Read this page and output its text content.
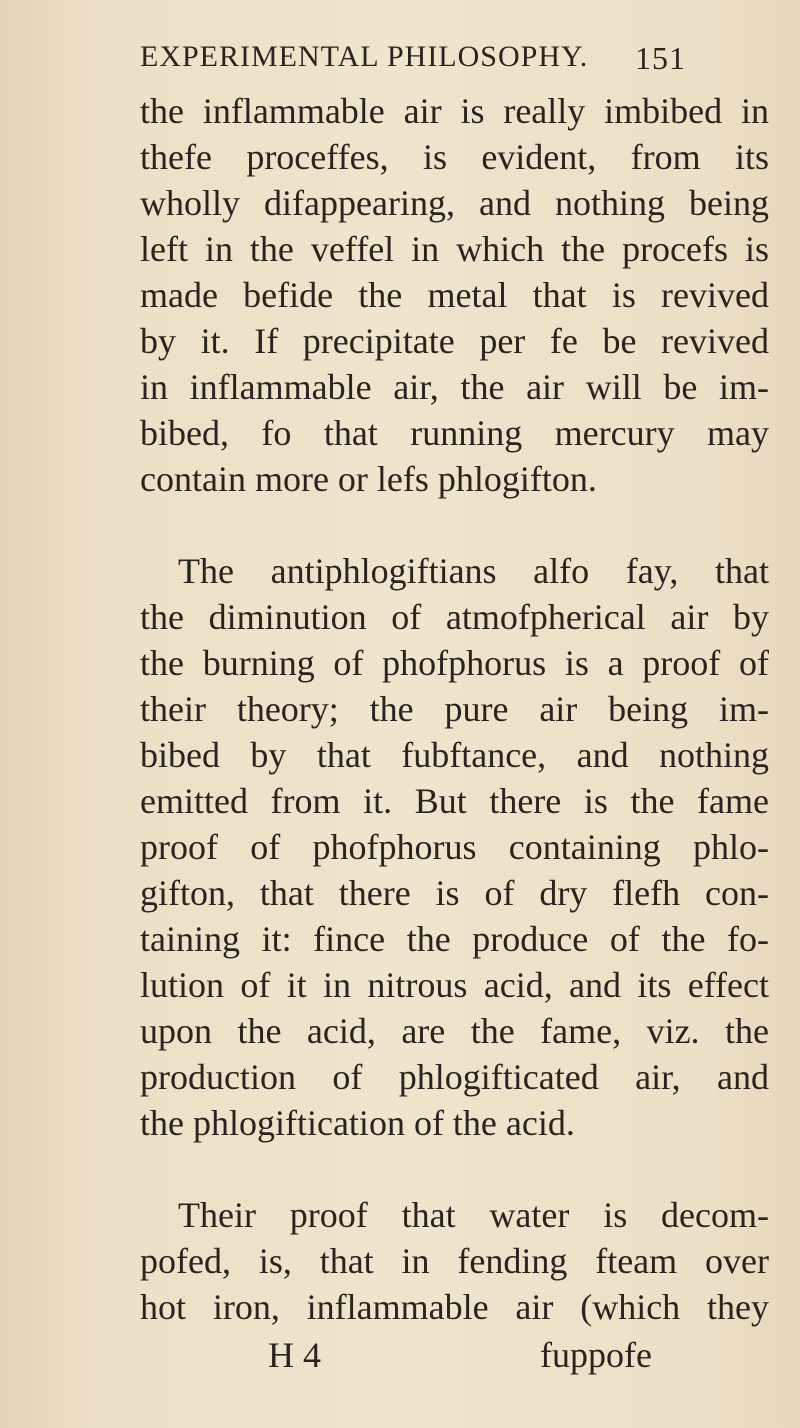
EXPERIMENTAL PHILOSOPHY. 151
the inflammable air is really imbibed in
thefe proceffes, is evident, from its
wholly difappearing, and nothing being
left in the veffel in which the procefs is
made befide the metal that is revived
by it. If precipitate per fe be revived
in inflammable air, the air will be im-
bibed, fo that running mercury may
contain more or lefs phlogifton.
The antiphlogiftians alfo fay, that
the diminution of atmofpherical air by
the burning of phofphorus is a proof of
their theory; the pure air being im-
bibed by that fubftance, and nothing
emitted from it. But there is the fame
proof of phofphorus containing phlo-
gifton, that there is of dry flefh con-
taining it: fince the produce of the fo-
lution of it in nitrous acid, and its effect
upon the acid, are the fame, viz. the
production of phlogifticated air, and
the phlogiftication of the acid.
Their proof that water is decom-
pofed, is, that in fending fteam over
hot iron, inflammable air (which they
H 4	fuppofe
